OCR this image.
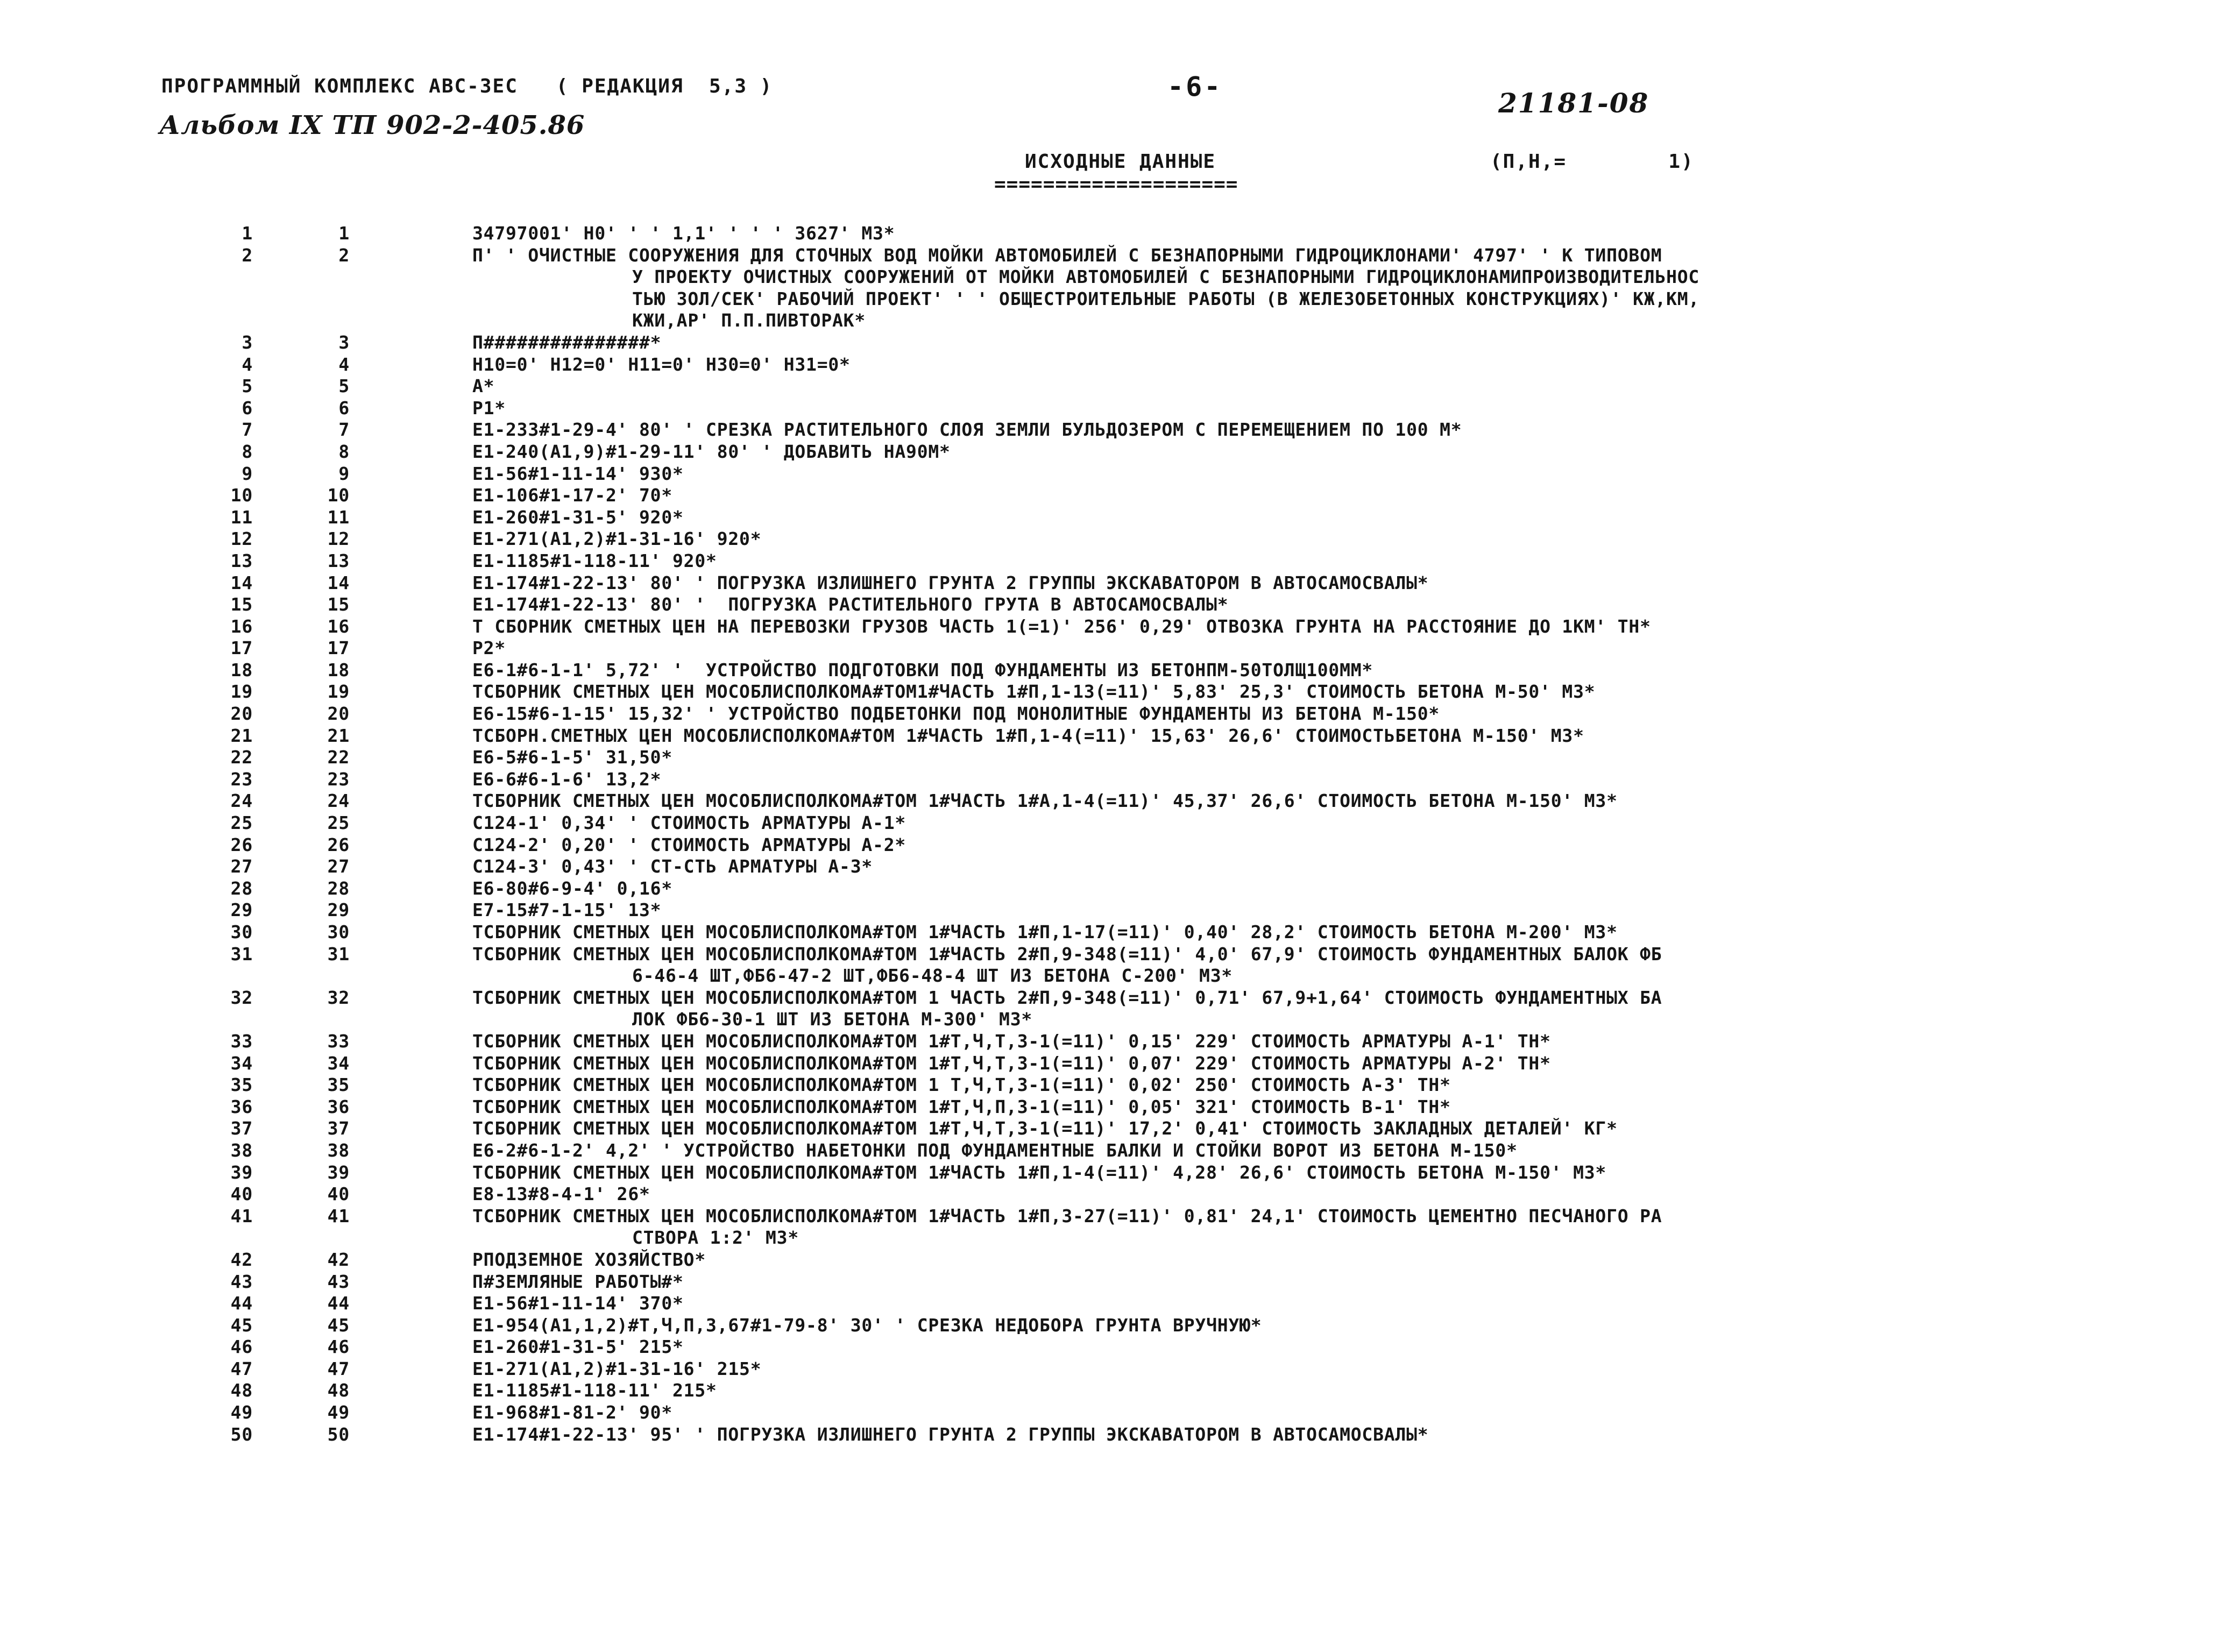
ПРОГРАММНЫЙ КОМПЛЕКС АВС-3ЕС   ( РЕДАКЦИЯ  5,3 )	-6-
21181-08
Альбом IX ТП 902-2-405.86
ИСХОДНЫЕ ДАННЫЕ
====================
(П,Н,=        1)
1	1	34797001' Н0' ' ' 1,1' ' ' ' 3627' М3*
2	2	П' ' ОЧИСТНЫЕ СООРУЖЕНИЯ ДЛЯ СТОЧНЫХ ВОД МОЙКИ АВТОМОБИЛЕЙ С БЕЗНАПОРНЫМИ ГИДРОЦИКЛОНАМИ' 4797' ' К ТИПОВОМ
У ПРОЕКТУ ОЧИСТНЫХ СООРУЖЕНИЙ ОТ МОЙКИ АВТОМОБИЛЕЙ С БЕЗНАПОРНЫМИ ГИДРОЦИКЛОНАМИПРОИЗВОДИТЕЛЬНОС
ТЬЮ 3ОЛ/СЕК' РАБОЧИЙ ПРОЕКТ' ' ' ОБЩЕСТРОИТЕЛЬНЫЕ РАБОТЫ (В ЖЕЛЕЗОБЕТОННЫХ КОНСТРУКЦИЯХ)' КЖ,КМ,
КЖИ,АР' П.П.ПИВТОРАК*
3	3	П###############*
4	4	Н10=0' Н12=0' Н11=0' Н30=0' Н31=0*
5	5	А*
6	6	Р1*
7	7	Е1-233#1-29-4' 80' ' СРЕЗКА РАСТИТЕЛЬНОГО СЛОЯ ЗЕМЛИ БУЛЬДОЗЕРОМ С ПЕРЕМЕЩЕНИЕМ ПО 100 М*
8	8	Е1-240(А1,9)#1-29-11' 80' ' ДОБАВИТЬ НА90М*
9	9	Е1-56#1-11-14' 930*
10	10	Е1-106#1-17-2' 70*
11	11	Е1-260#1-31-5' 920*
12	12	Е1-271(А1,2)#1-31-16' 920*
13	13	Е1-1185#1-118-11' 920*
14	14	Е1-174#1-22-13' 80' ' ПОГРУЗКА ИЗЛИШНЕГО ГРУНТА 2 ГРУППЫ ЭКСКАВАТОРОМ В АВТОСАМОСВАЛЫ*
15	15	Е1-174#1-22-13' 80' '  ПОГРУЗКА РАСТИТЕЛЬНОГО ГРУТА В АВТОСАМОСВАЛЫ*
16	16	Т СБОРНИК СМЕТНЫХ ЦЕН НА ПЕРЕВОЗКИ ГРУЗОВ ЧАСТЬ 1(=1)' 256' 0,29' ОТВОЗКА ГРУНТА НА РАССТОЯНИЕ ДО 1КМ' ТН*
17	17	Р2*
18	18	Е6-1#6-1-1' 5,72' '  УСТРОЙСТВО ПОДГОТОВКИ ПОД ФУНДАМЕНТЫ ИЗ БЕТОНПМ-50ТОЛЩ100ММ*
19	19	ТСБОРНИК СМЕТНЫХ ЦЕН МОСОБЛИСПОЛКОМА#ТОМ1#ЧАСТЬ 1#П,1-13(=11)' 5,83' 25,3' СТОИМОСТЬ БЕТОНА М-50' М3*
20	20	Е6-15#6-1-15' 15,32' ' УСТРОЙСТВО ПОДБЕТОНКИ ПОД МОНОЛИТНЫЕ ФУНДАМЕНТЫ ИЗ БЕТОНА М-150*
21	21	ТСБОРН.СМЕТНЫХ ЦЕН МОСОБЛИСПОЛКОМА#ТОМ 1#ЧАСТЬ 1#П,1-4(=11)' 15,63' 26,6' СТОИМОСТЬБЕТОНА М-150' М3*
22	22	Е6-5#6-1-5' 31,50*
23	23	Е6-6#6-1-6' 13,2*
24	24	ТСБОРНИК СМЕТНЫХ ЦЕН МОСОБЛИСПОЛКОМА#ТОМ 1#ЧАСТЬ 1#А,1-4(=11)' 45,37' 26,6' СТОИМОСТЬ БЕТОНА М-150' М3*
25	25	С124-1' 0,34' ' СТОИМОСТЬ АРМАТУРЫ А-1*
26	26	С124-2' 0,20' ' СТОИМОСТЬ АРМАТУРЫ А-2*
27	27	С124-3' 0,43' ' СТ-СТЬ АРМАТУРЫ А-3*
28	28	Е6-80#6-9-4' 0,16*
29	29	Е7-15#7-1-15' 13*
30	30	ТСБОРНИК СМЕТНЫХ ЦЕН МОСОБЛИСПОЛКОМА#ТОМ 1#ЧАСТЬ 1#П,1-17(=11)' 0,40' 28,2' СТОИМОСТЬ БЕТОНА М-200' М3*
31	31	ТСБОРНИК СМЕТНЫХ ЦЕН МОСОБЛИСПОЛКОМА#ТОМ 1#ЧАСТЬ 2#П,9-348(=11)' 4,0' 67,9' СТОИМОСТЬ ФУНДАМЕНТНЫХ БАЛОК ФБ
6-46-4 ШТ,ФБ6-47-2 ШТ,ФБ6-48-4 ШТ ИЗ БЕТОНА С-200' М3*
32	32	ТСБОРНИК СМЕТНЫХ ЦЕН МОСОБЛИСПОЛКОМА#ТОМ 1 ЧАСТЬ 2#П,9-348(=11)' 0,71' 67,9+1,64' СТОИМОСТЬ ФУНДАМЕНТНЫХ БА
ЛОК ФБ6-30-1 ШТ ИЗ БЕТОНА М-300' М3*
33	33	ТСБОРНИК СМЕТНЫХ ЦЕН МОСОБЛИСПОЛКОМА#ТОМ 1#Т,Ч,Т,3-1(=11)' 0,15' 229' СТОИМОСТЬ АРМАТУРЫ А-1' ТН*
34	34	ТСБОРНИК СМЕТНЫХ ЦЕН МОСОБЛИСПОЛКОМА#ТОМ 1#Т,Ч,Т,3-1(=11)' 0,07' 229' СТОИМОСТЬ АРМАТУРЫ А-2' ТН*
35	35	ТСБОРНИК СМЕТНЫХ ЦЕН МОСОБЛИСПОЛКОМА#ТОМ 1 Т,Ч,Т,3-1(=11)' 0,02' 250' СТОИМОСТЬ А-3' ТН*
36	36	ТСБОРНИК СМЕТНЫХ ЦЕН МОСОБЛИСПОЛКОМА#ТОМ 1#Т,Ч,П,3-1(=11)' 0,05' 321' СТОИМОСТЬ В-1' ТН*
37	37	ТСБОРНИК СМЕТНЫХ ЦЕН МОСОБЛИСПОЛКОМА#ТОМ 1#Т,Ч,Т,3-1(=11)' 17,2' 0,41' СТОИМОСТЬ ЗАКЛАДНЫХ ДЕТАЛЕЙ' КГ*
38	38	Е6-2#6-1-2' 4,2' ' УСТРОЙСТВО НАБЕТОНКИ ПОД ФУНДАМЕНТНЫЕ БАЛКИ И СТОЙКИ ВОРОТ ИЗ БЕТОНА М-150*
39	39	ТСБОРНИК СМЕТНЫХ ЦЕН МОСОБЛИСПОЛКОМА#ТОМ 1#ЧАСТЬ 1#П,1-4(=11)' 4,28' 26,6' СТОИМОСТЬ БЕТОНА М-150' М3*
40	40	Е8-13#8-4-1' 26*
41	41	ТСБОРНИК СМЕТНЫХ ЦЕН МОСОБЛИСПОЛКОМА#ТОМ 1#ЧАСТЬ 1#П,3-27(=11)' 0,81' 24,1' СТОИМОСТЬ ЦЕМЕНТНО ПЕСЧАНОГО РА
СТВОРА 1:2' М3*
42	42	РПОДЗЕМНОЕ ХОЗЯЙСТВО*
43	43	П#ЗЕМЛЯНЫЕ РАБОТЫ#*
44	44	Е1-56#1-11-14' 370*
45	45	Е1-954(А1,1,2)#Т,Ч,П,3,67#1-79-8' 30' ' СРЕЗКА НЕДОБОРА ГРУНТА ВРУЧНУЮ*
46	46	Е1-260#1-31-5' 215*
47	47	Е1-271(А1,2)#1-31-16' 215*
48	48	Е1-1185#1-118-11' 215*
49	49	Е1-968#1-81-2' 90*
50	50	Е1-174#1-22-13' 95' ' ПОГРУЗКА ИЗЛИШНЕГО ГРУНТА 2 ГРУППЫ ЭКСКАВАТОРОМ В АВТОСАМОСВАЛЫ*
